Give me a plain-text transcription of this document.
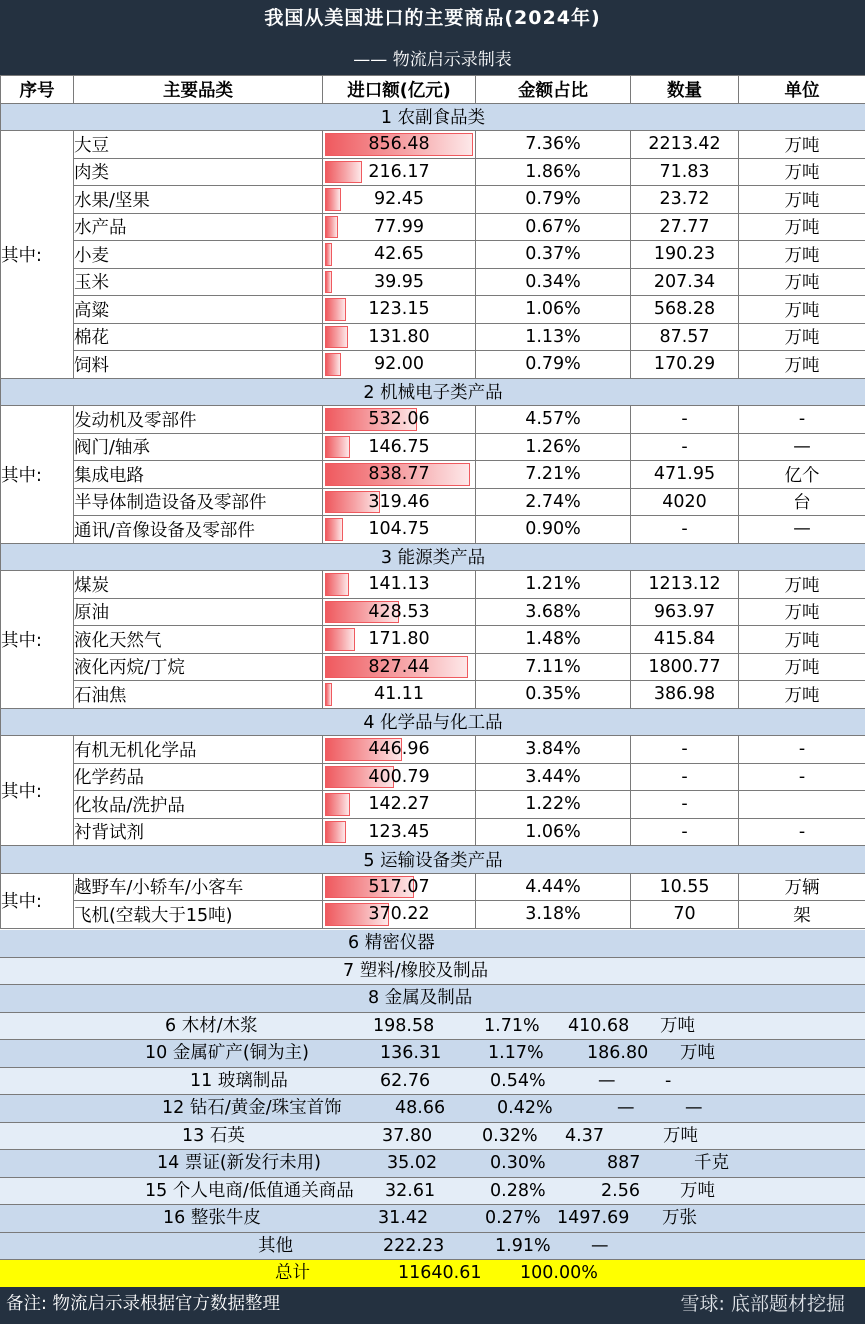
我国从美国进口的主要商品(2024年)
—— 物流启示录制表
序号	主要品类	进口额(亿元)	金额占比	数量	单位
1 农副食品类					
其中:	大豆	856.48	7.36%	2213.42	万吨
	肉类	216.17	1.86%	71.83	万吨
	水果/坚果	92.45	0.79%	23.72	万吨
	水产品	77.99	0.67%	27.77	万吨
	小麦	42.65	0.37%	190.23	万吨
	玉米	39.95	0.34%	207.34	万吨
	高粱	123.15	1.06%	568.28	万吨
	棉花	131.80	1.13%	87.57	万吨
	饲料	92.00	0.79%	170.29	万吨
2 机械电子类产品					
其中:	发动机及零部件	532.06	4.57%	-	-
	阀门/轴承	146.75	1.26%	-	—
	集成电路	838.77	7.21%	471.95	亿个
	半导体制造设备及零部件	319.46	2.74%	4020	台
	通讯/音像设备及零部件	104.75	0.90%	-	—
3 能源类产品					
其中:	煤炭	141.13	1.21%	1213.12	万吨
	原油	428.53	3.68%	963.97	万吨
	液化天然气	171.80	1.48%	415.84	万吨
	液化丙烷/丁烷	827.44	7.11%	1800.77	万吨
	石油焦	41.11	0.35%	386.98	万吨
4 化学品与化工品					
其中:	有机无机化学品	446.96	3.84%	-	-
	化学药品	400.79	3.44%	-	-
	化妆品/洗护品	142.27	1.22%	-	
	衬背试剂	123.45	1.06%	-	-
5 运输设备类产品					
其中:	越野车/小轿车/小客车	517.07	4.44%	10.55	万辆
	飞机(空载大于15吨)	370.22	3.18%	70	架
6 精密仪器
7 塑料/橡胶及制品
8 金属及制品
6 木材/木浆	198.58	1.71% 410.68 万吨
10 金属矿产(铜为主)	136.31	1.17% 186.80 万吨
11 玻璃制品	62.76	0.54%	—	-
12 钻石/黄金/珠宝首饰	48.66	0.42%	—	—
13 石英	37.80	0.32% 4.37	万吨
14 票证(新发行未用)	35.02	0.30%	887	千克
15 个人电商/低值通关商品 32.61	0.28%	2.56 万吨
16 整张牛皮	31.42	0.27% 1497.69 万张
其他	222.23	1.91% —
总计	11640.61 100.00%
备注: 物流启示录根据官方数据整理	雪球: 底部题材挖掘
